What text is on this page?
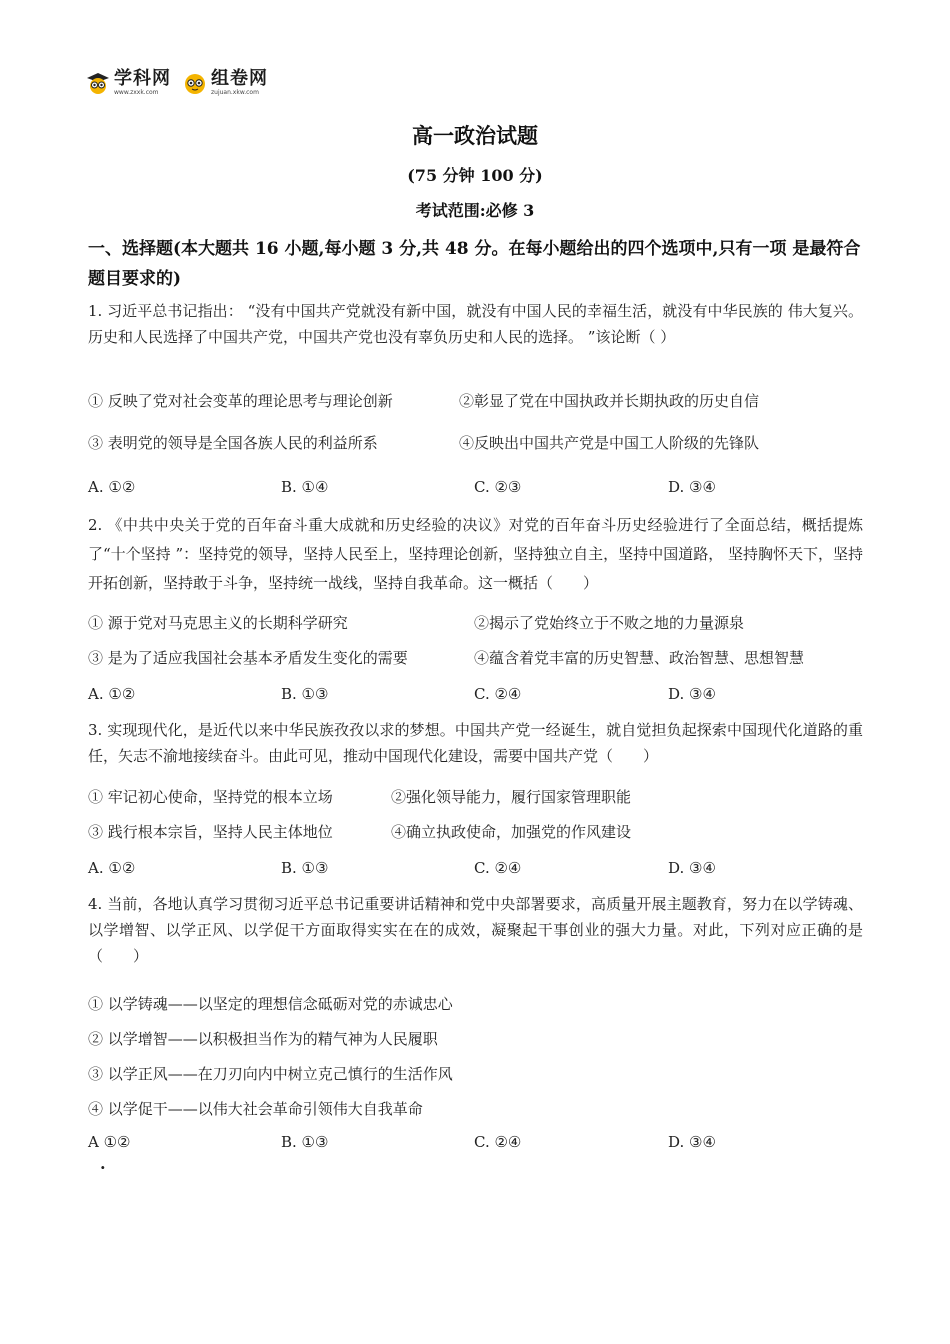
学科网
www.zxxk.com
组卷网
zujuan.xkw.com
高一政治试题
(75 分钟 100 分)
考试范围:必修 3
一、选择题(本大题共 16 小题,每小题 3 分,共 48 分。在每小题给出的四个选项中,只有一项 是最符合题目要求的)
1. 习近平总书记指出： “没有中国共产党就没有新中国，就没有中国人民的幸福生活，就没有中华民族的 伟大复兴。历史和人民选择了中国共产党，中国共产党也没有辜负历史和人民的选择。 ”该论断（ ）
① 反映了党对社会变革的理论思考与理论创新	②彰显了党在中国执政并长期执政的历史自信
③ 表明党的领导是全国各族人民的利益所系	④反映出中国共产党是中国工人阶级的先锋队
A. ①②	B. ①④	C. ②③	D. ③④
2. 《中共中央关于党的百年奋斗重大成就和历史经验的决议》对党的百年奋斗历史经验进行了全面总结，概括提炼了“十个坚持 ”：坚持党的领导，坚持人民至上，坚持理论创新，坚持独立自主，坚持中国道路， 坚持胸怀天下，坚持开拓创新，坚持敢于斗争，坚持统一战线，坚持自我革命。这一概括（　　）
① 源于党对马克思主义的长期科学研究	②揭示了党始终立于不败之地的力量源泉
③ 是为了适应我国社会基本矛盾发生变化的需要	④蕴含着党丰富的历史智慧、政治智慧、思想智慧
A. ①②	B. ①③	C. ②④	D. ③④
3. 实现现代化，是近代以来中华民族孜孜以求的梦想。中国共产党一经诞生，就自觉担负起探索中国现代化道路的重任，矢志不渝地接续奋斗。由此可见，推动中国现代化建设，需要中国共产党（　　）
① 牢记初心使命，坚持党的根本立场	②强化领导能力，履行国家管理职能
③ 践行根本宗旨，坚持人民主体地位	④确立执政使命，加强党的作风建设
A. ①②	B. ①③	C. ②④	D. ③④
4. 当前，各地认真学习贯彻习近平总书记重要讲话精神和党中央部署要求，高质量开展主题教育，努力在以学铸魂、以学增智、以学正风、以学促干方面取得实实在在的成效，凝聚起干事创业的强大力量。对此，下列对应正确的是（　　）
① 以学铸魂——以坚定的理想信念砥砺对党的赤诚忠心
② 以学增智——以积极担当作为的精气神为人民履职
③ 以学正风——在刀刃向内中树立克己慎行的生活作风
④ 以学促干——以伟大社会革命引领伟大自我革命
A ①②	B. ①③	C. ②④	D. ③④
.
